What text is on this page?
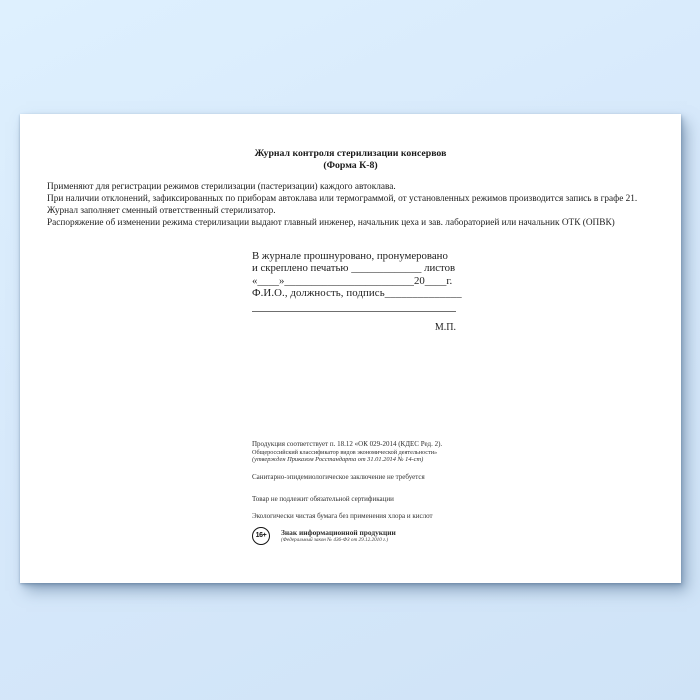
Журнал контроля стерилизации консервов
(Форма К-8)
Применяют для регистрации режимов стерилизации (пастеризации) каждого автоклава.
При наличии отклонений, зафиксированных по приборам автоклава или термограммой, от установленных режимов производится запись в графе 21.
Журнал заполняет сменный ответственный стерилизатор.
Распоряжение об изменении режима стерилизации выдают главный инженер, начальник цеха и зав. лабораторией или начальник ОТК (ОПВК)
В журнале прошнуровано, пронумеровано
и скреплено печатью _____________ листов
«____»________________________20____г.
Ф.И.О., должность, подпись______________
М.П.
Продукция соответствует п. 18.12 «ОК 029-2014 (КДЕС Ред. 2).
Общероссийский классификатор видов экономической деятельности»
(утвержден Приказом Росстандарта от 31.01.2014 № 14-ст)
Санитарно-эпидемиологическое заключение не требуется
Товар не подлежит обязательной сертификации
Экологически чистая бумага без применения хлора и кислот
16+	Знак информационной продукции
(Федеральный закон № 436-ФЗ от 29.12.2010 г.)
